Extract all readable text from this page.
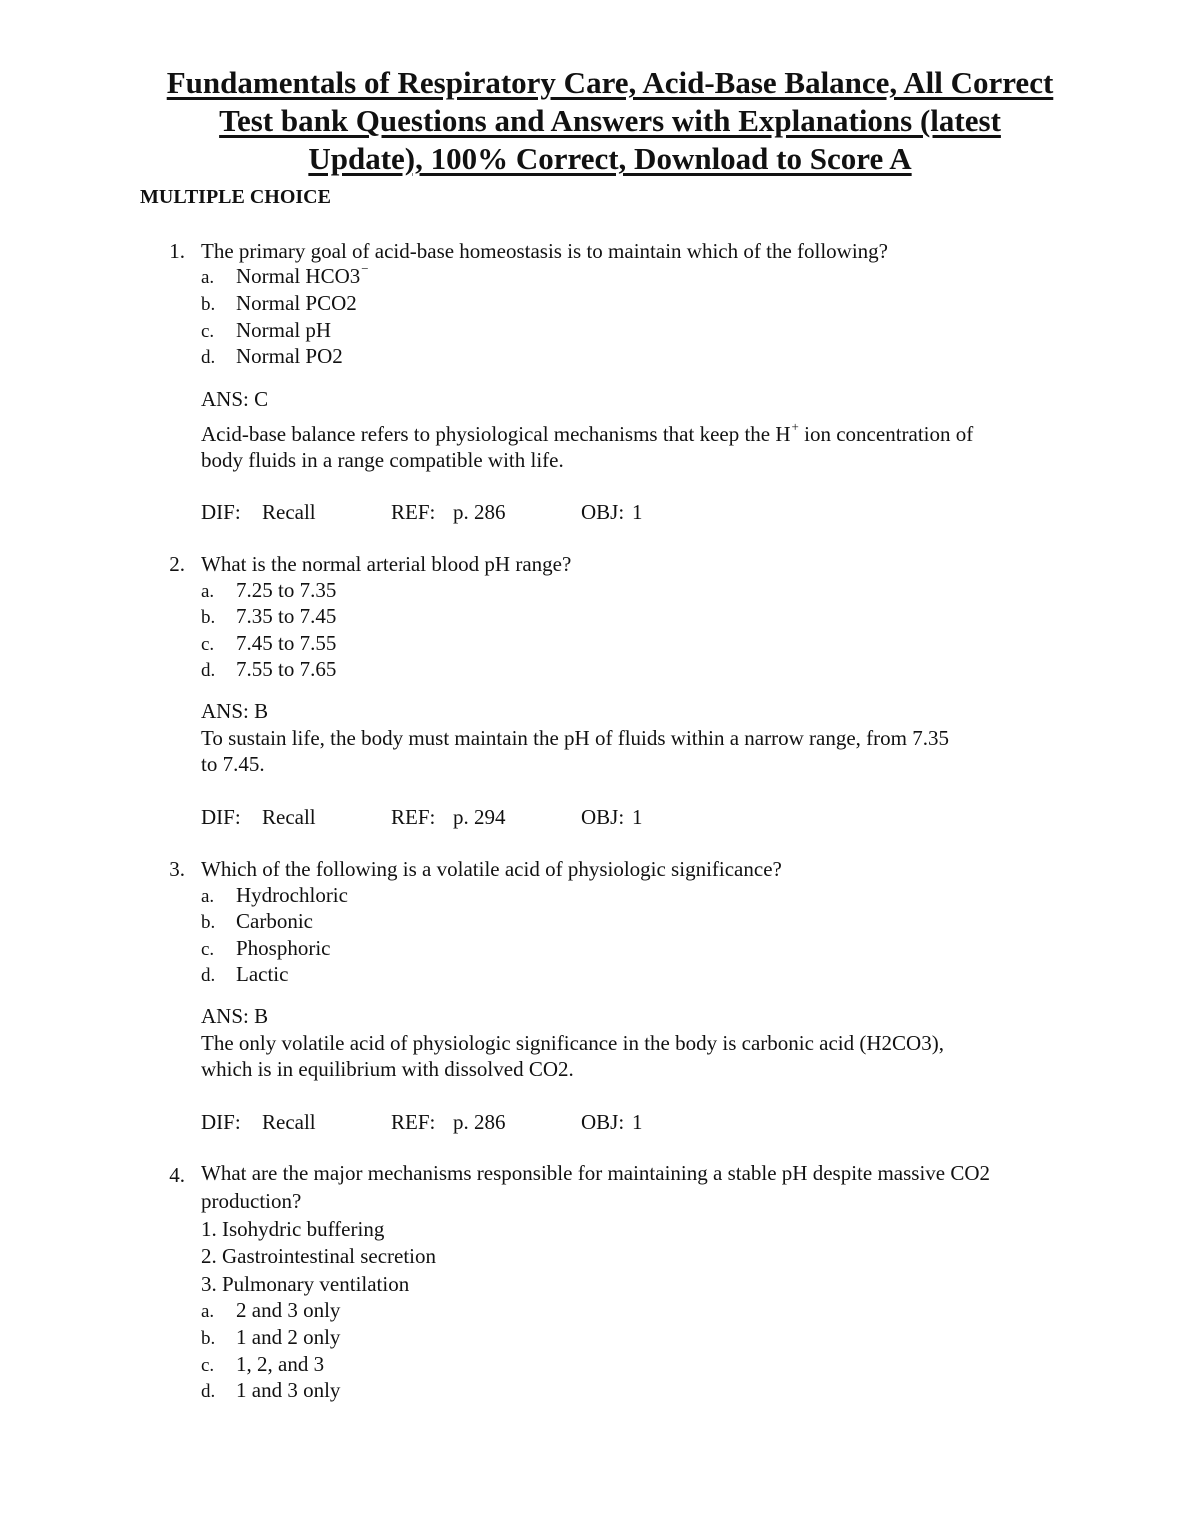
Fundamentals of Respiratory Care, Acid-Base Balance, All Correct
Test bank Questions and Answers with Explanations (latest
Update), 100% Correct, Download to Score A
MULTIPLE CHOICE
1. The primary goal of acid-base homeostasis is to maintain which of the following?
a. Normal HCO3−
b. Normal PCO2
c. Normal pH
d. Normal PO2
ANS: C
Acid-base balance refers to physiological mechanisms that keep the H+ ion concentration of
body fluids in a range compatible with life.
DIF: Recall	REF: p. 286	OBJ: 1
2. What is the normal arterial blood pH range?
a. 7.25 to 7.35
b. 7.35 to 7.45
c. 7.45 to 7.55
d. 7.55 to 7.65
ANS: B
To sustain life, the body must maintain the pH of fluids within a narrow range, from 7.35
to 7.45.
DIF: Recall	REF: p. 294	OBJ: 1
3. Which of the following is a volatile acid of physiologic significance?
a. Hydrochloric
b. Carbonic
c. Phosphoric
d. Lactic
ANS: B
The only volatile acid of physiologic significance in the body is carbonic acid (H2CO3),
which is in equilibrium with dissolved CO2.
DIF: Recall	REF: p. 286	OBJ: 1
4. What are the major mechanisms responsible for maintaining a stable pH despite massive CO2
production?
1. Isohydric buffering
2. Gastrointestinal secretion
3. Pulmonary ventilation
a. 2 and 3 only
b. 1 and 2 only
c. 1, 2, and 3
d. 1 and 3 only
